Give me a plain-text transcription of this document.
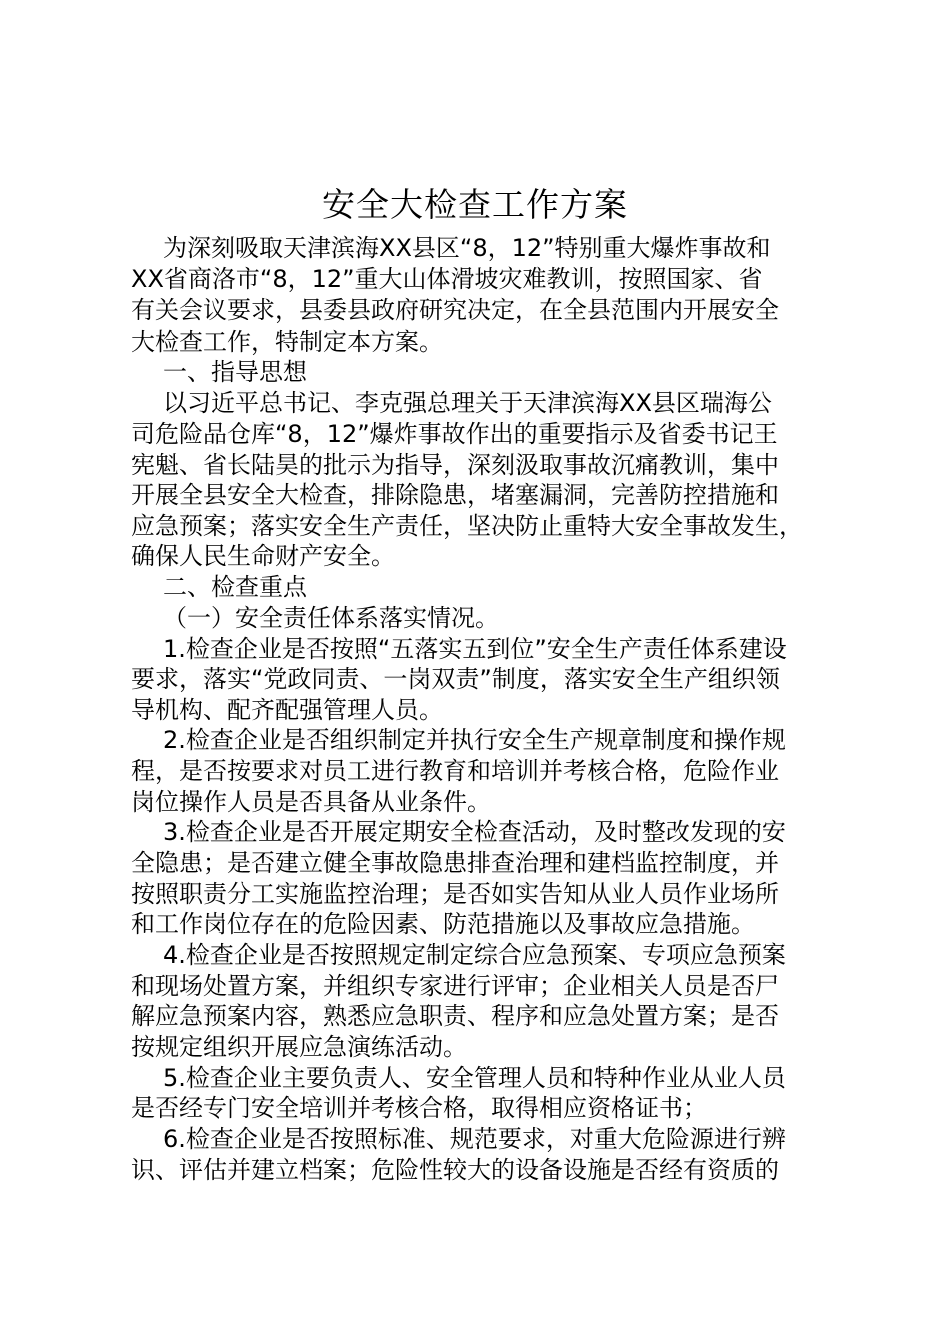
安全大检查工作方案
为深刻吸取天津滨海XX县区“8，12”特别重大爆炸事故和
XX省商洛市“8，12”重大山体滑坡灾难教训，按照国家、省
有关会议要求，县委县政府研究决定，在全县范围内开展安全
大检查工作，特制定本方案。
一、指导思想
以习近平总书记、李克强总理关于天津滨海XX县区瑞海公
司危险品仓库“8，12”爆炸事故作出的重要指示及省委书记王
宪魁、省长陆昊的批示为指导，深刻汲取事故沉痛教训，集中
开展全县安全大检查，排除隐患，堵塞漏洞，完善防控措施和
应急预案；落实安全生产责任，坚决防止重特大安全事故发生，
确保人民生命财产安全。
二、检查重点
（一）安全责任体系落实情况。
1.检查企业是否按照“五落实五到位”安全生产责任体系建设
要求，落实“党政同责、一岗双责”制度，落实安全生产组织领
导机构、配齐配强管理人员。
2.检查企业是否组织制定并执行安全生产规章制度和操作规
程，是否按要求对员工进行教育和培训并考核合格，危险作业
岗位操作人员是否具备从业条件。
3.检查企业是否开展定期安全检查活动，及时整改发现的安
全隐患；是否建立健全事故隐患排查治理和建档监控制度，并
按照职责分工实施监控治理；是否如实告知从业人员作业场所
和工作岗位存在的危险因素、防范措施以及事故应急措施。
4.检查企业是否按照规定制定综合应急预案、专项应急预案
和现场处置方案，并组织专家进行评审；企业相关人员是否尸
解应急预案内容，熟悉应急职责、程序和应急处置方案；是否
按规定组织开展应急演练活动。
5.检查企业主要负责人、安全管理人员和特种作业从业人员
是否经专门安全培训并考核合格，取得相应资格证书；
6.检查企业是否按照标准、规范要求，对重大危险源进行辨
识、评估并建立档案；危险性较大的设备设施是否经有资质的
